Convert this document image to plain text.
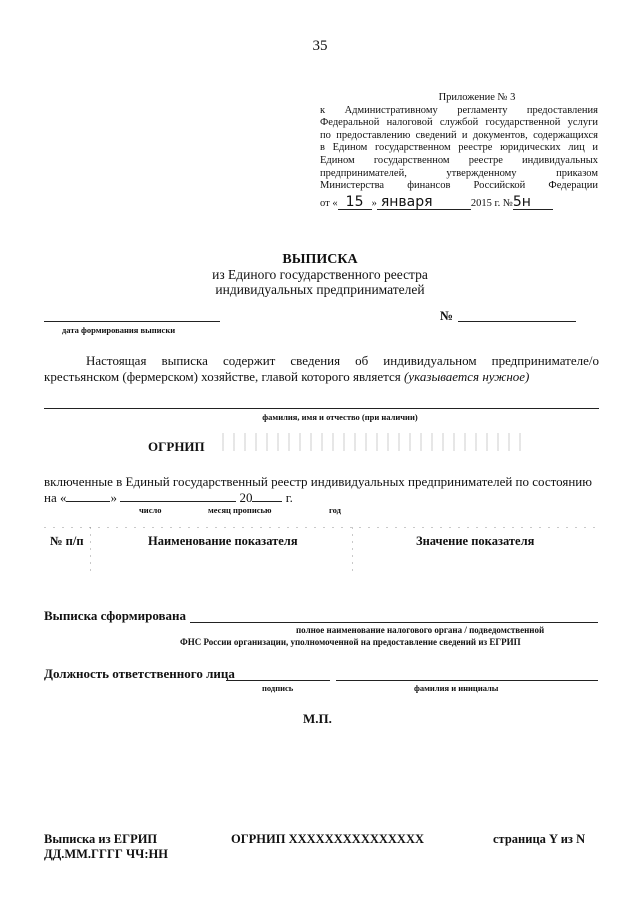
35
Приложение № 3

к Административному регламенту предоставления

Федеральной налоговой службой государственной услуги

по предоставлению сведений и документов, содержащихся

в Едином государственном реестре юридических лиц и

Едином государственном реестре индивидуальных

предпринимателей, утвержденному приказом

Министерства финансов Российской Федерации

от « 15 » января	2015 г. №5н
ВЫПИСКА
из Единого государственного реестра
индивидуальных предпринимателей
дата формирования выписки
№

Настоящая выписка содержит сведения об индивидуальном предпринимателе/о крестьянском (фермерском) хозяйстве, главой которого является (указывается нужное)

фамилия, имя и отчество (при наличии)
ОГРНИП
включенные в Единый государственный реестр индивидуальных предпринимателей по состоянию
на «	»	20	г.
число	месяц прописью	год
№ п/п	Наименование показателя	Значение показателя
Выписка сформирована
полное наименование налогового органа / подведомственной
ФНС России организации, уполномоченной на предоставление сведений из ЕГРИП
Должность ответственного лица
подпись	фамилия и инициалы
М.П.
Выписка из ЕГРИП
ДД.ММ.ГГГГ ЧЧ:НН
ОГРНИП ХХХХХХХХХХХХХХХ	страница Y из N
